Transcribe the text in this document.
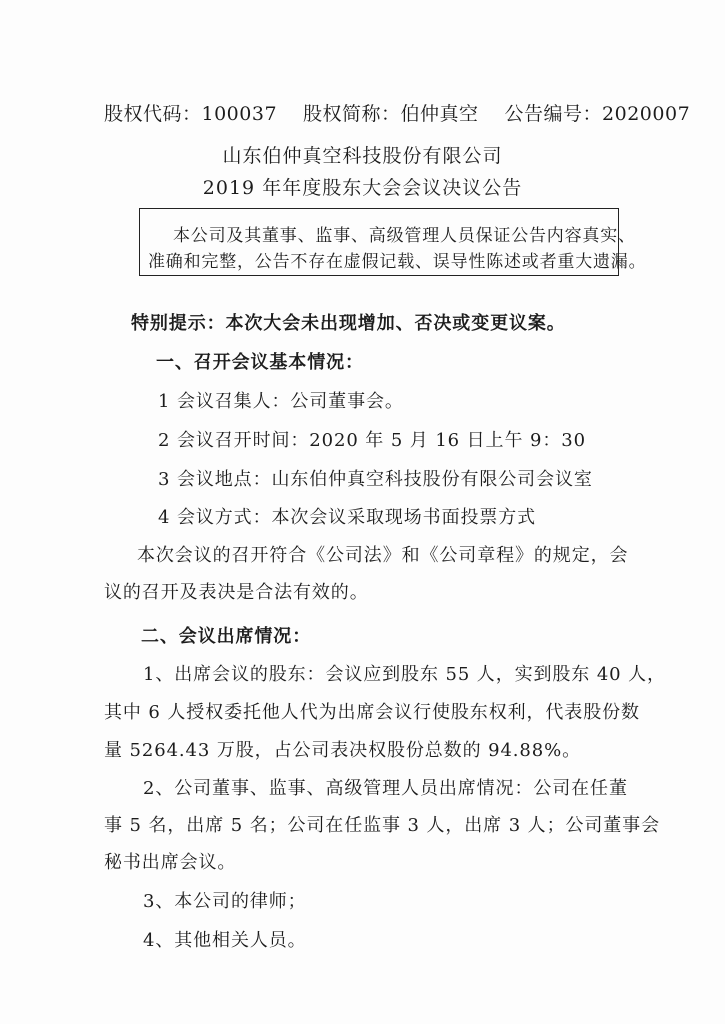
股权代码：100037 股权简称：伯仲真空 公告编号：2020007
山东伯仲真空科技股份有限公司
2019 年年度股东大会会议决议公告
本公司及其董事、监事、高级管理人员保证公告内容真实、
准确和完整，公告不存在虚假记载、误导性陈述或者重大遗漏。
特别提示：本次大会未出现增加、否决或变更议案。
一、召开会议基本情况：
1 会议召集人：公司董事会。
2 会议召开时间：2020 年 5 月 16 日上午 9：30
3 会议地点：山东伯仲真空科技股份有限公司会议室
4 会议方式：本次会议采取现场书面投票方式
本次会议的召开符合《公司法》和《公司章程》的规定，会
议的召开及表决是合法有效的。
二、会议出席情况：
1、出席会议的股东：会议应到股东 55 人，实到股东 40 人，
其中 6 人授权委托他人代为出席会议行使股东权利，代表股份数
量 5264.43 万股，占公司表决权股份总数的 94.88%。
2、公司董事、监事、高级管理人员出席情况：公司在任董
事 5 名，出席 5 名；公司在任监事 3 人，出席 3 人；公司董事会
秘书出席会议。
3、本公司的律师；
4、其他相关人员。
